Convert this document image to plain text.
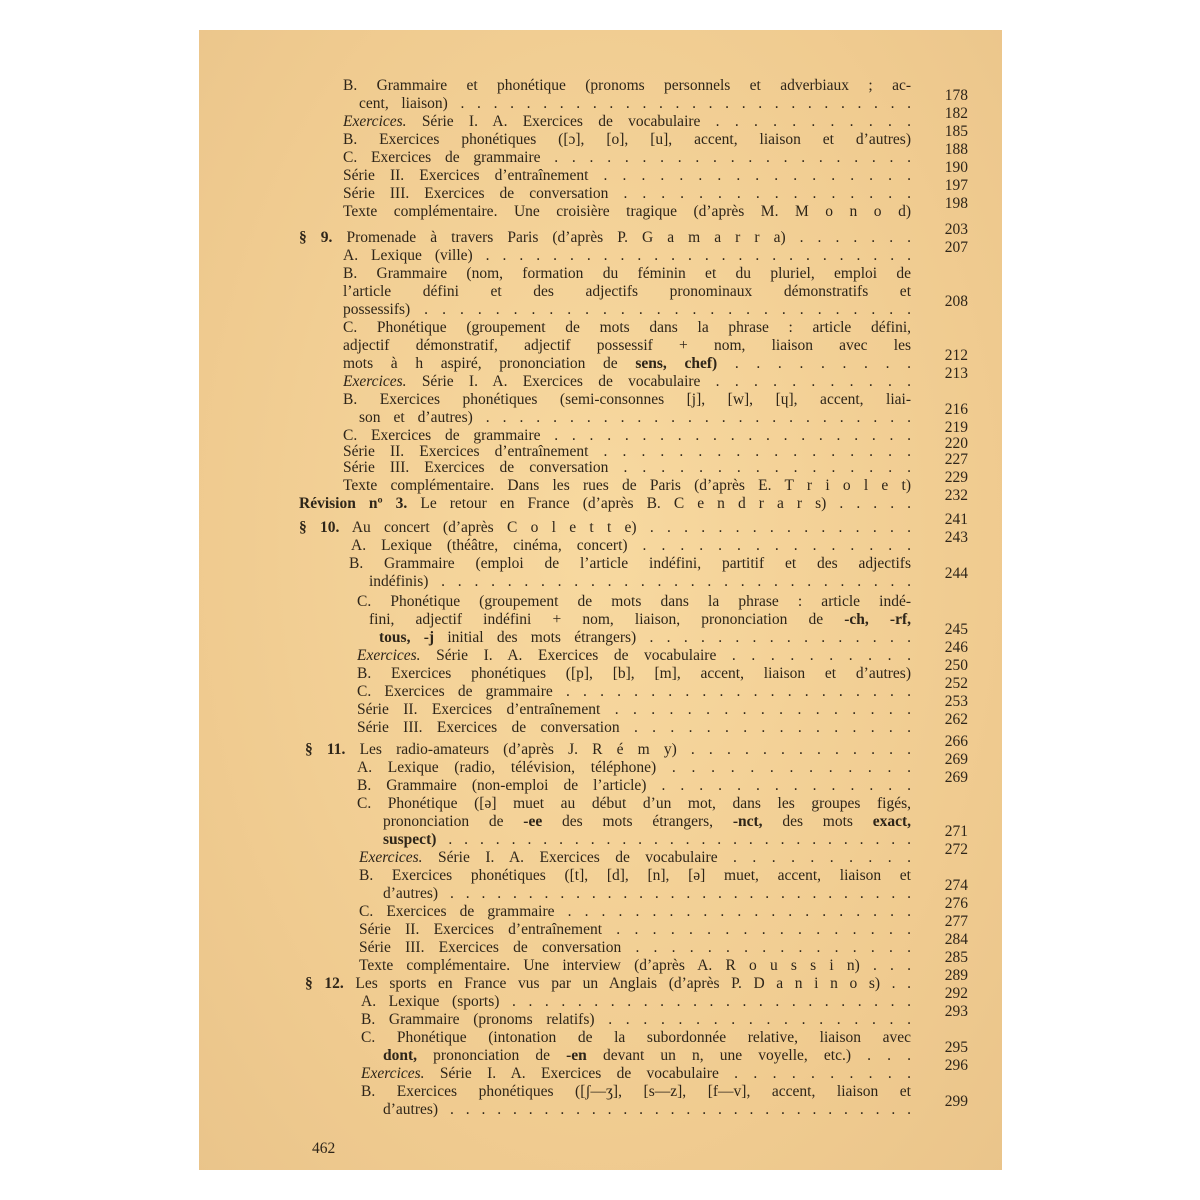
B. Grammaire et phonétique (pronoms personnels et adverbiaux ; ac-
cent, liaison) . . . . . . . . . . . . . . . . . . . . . . . . . . . .	178
Exercices. Série I. A. Exercices de vocabulaire . . . . . . . . . . .	182
B. Exercices phonétiques ([ɔ], [o], [u], accent, liaison et d’autres)	185
C. Exercices de grammaire . . . . . . . . . . . . . . . . . . . . .	188
Série II. Exercices d’entraînement . . . . . . . . . . . . . . . . .	190
Série III. Exercices de conversation . . . . . . . . . . . . . . . .	197
Texte complémentaire. Une croisière tragique (d’après M. M o n o d)	198
§ 9. Promenade à travers Paris (d’après P. G a m a r r a) . . . . . . .	203
A. Lexique (ville) . . . . . . . . . . . . . . . . . . . . . . . . . .	207
B. Grammaire (nom, formation du féminin et du pluriel, emploi de
l’article défini et des adjectifs pronominaux démonstratifs et
possessifs) . . . . . . . . . . . . . . . . . . . . . . . . . . . .	208
C. Phonétique (groupement de mots dans la phrase : article défini,
adjectif démonstratif, adjectif possessif + nom, liaison avec les
mots à h aspiré, prononciation de sens, chef) . . . . . . . . .	212
Exercices. Série I. A. Exercices de vocabulaire . . . . . . . . . . .	213
B. Exercices phonétiques (semi-consonnes [j], [w], [ɥ], accent, liai-
son et d’autres) . . . . . . . . . . . . . . . . . . . . . . . . . .	216
C. Exercices de grammaire . . . . . . . . . . . . . . . . . . . . .	219
Série II. Exercices d’entraînement . . . . . . . . . . . . . . . . .	220
Série III. Exercices de conversation . . . . . . . . . . . . . . . .	227
Texte complémentaire. Dans les rues de Paris (d’après E. T r i o l e t)	229
Révision nº 3. Le retour en France (d’après B. C e n d r a r s) . . . . .	232
§ 10. Au concert (d’après C o l e t t e) . . . . . . . . . . . . . . . .	241
A. Lexique (théâtre, cinéma, concert) . . . . . . . . . . . . . . .	243
B. Grammaire (emploi de l’article indéfini, partitif et des adjectifs
indéfinis) . . . . . . . . . . . . . . . . . . . . . . . . . . . . .	244
C. Phonétique (groupement de mots dans la phrase : article indé-
fini, adjectif indéfini + nom, liaison, prononciation de -ch, -rf,
tous, -j initial des mots étrangers) . . . . . . . . . . . . . . . .	245
Exercices. Série I. A. Exercices de vocabulaire . . . . . . . . . .	246
B. Exercices phonétiques ([p], [b], [m], accent, liaison et d’autres)	250
C. Exercices de grammaire . . . . . . . . . . . . . . . . . . . . .	252
Série II. Exercices d’entraînement . . . . . . . . . . . . . . . . .	253
Série III. Exercices de conversation . . . . . . . . . . . . . . . .	262
§ 11. Les radio-amateurs (d’après J. R é m y) . . . . . . . . . . . . .	266
A. Lexique (radio, télévision, téléphone) . . . . . . . . . . . . .	269
B. Grammaire (non-emploi de l’article) . . . . . . . . . . . . . .	269
C. Phonétique ([ə] muet au début d’un mot, dans les groupes figés,
prononciation de -ee des mots étrangers, -nct, des mots exact,
suspect) . . . . . . . . . . . . . . . . . . . . . . . . . . . . . .	271
Exercices. Série I. A. Exercices de vocabulaire . . . . . . . . . .	272
B. Exercices phonétiques ([t], [d], [n], [ə] muet, accent, liaison et
d’autres) . . . . . . . . . . . . . . . . . . . . . . . . . . . . . .	274
C. Exercices de grammaire . . . . . . . . . . . . . . . . . . . . .	276
Série II. Exercices d’entraînement . . . . . . . . . . . . . . . . .	277
Série III. Exercices de conversation . . . . . . . . . . . . . . . .	284
Texte complémentaire. Une interview (d’après A. R o u s s i n) . . .	285
§ 12. Les sports en France vus par un Anglais (d’après P. D a n i n o s) . .	289
A. Lexique (sports) . . . . . . . . . . . . . . . . . . . . . . . . .	292
B. Grammaire (pronoms relatifs) . . . . . . . . . . . . . . . . . .	293
C. Phonétique (intonation de la subordonnée relative, liaison avec
dont, prononciation de -en devant un n, une voyelle, etc.) . . .	295
Exercices. Série I. A. Exercices de vocabulaire . . . . . . . . . .	296
B. Exercices phonétiques ([ʃ—ʒ], [s—z], [f—v], accent, liaison et
d’autres) . . . . . . . . . . . . . . . . . . . . . . . . . . . . . .	299
462
